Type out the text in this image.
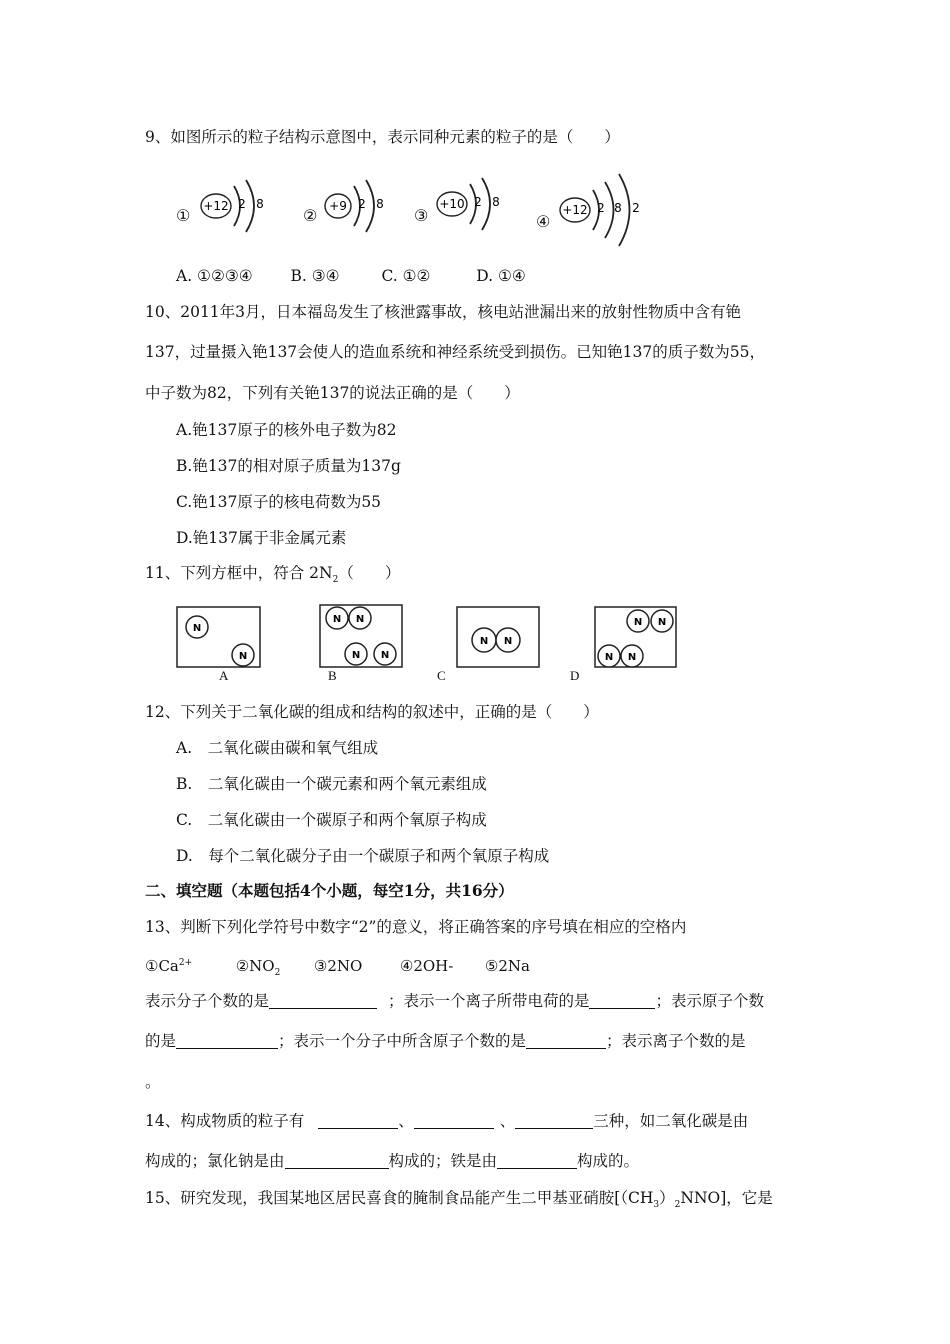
9、如图所示的粒子结构示意图中，表示同种元素的粒子的是（　　）
①	②	③	④
+12 2 8	+9 2 8	+10 2 8
+12 2 8 2
A. ①②③④ B. ③④	C. ①②	D. ①④
10、2011年3月，日本福岛发生了核泄露事故，核电站泄漏出来的放射性物质中含有铯
137，过量摄入铯137会使人的造血系统和神经系统受到损伤。已知铯137的质子数为55，
中子数为82，下列有关铯137的说法正确的是（　　）
A.铯137原子的核外电子数为82
B.铯137的相对原子质量为137g
C.铯137原子的核电荷数为55
D.铯137属于非金属元素
11、下列方框中，符合 $2N_2$（　　）
N
N
N
N N
N N
N N
N N
N N
A	B	C	D
12、下列关于二氧化碳的组成和结构的叙述中，正确的是（　　）
A.　二氧化碳由碳和氧气组成
B.　二氧化碳由一个碳元素和两个氧元素组成
C.　二氧化碳由一个碳原子和两个氧原子构成
D.　每个二氧化碳分子由一个碳原子和两个氧原子构成
二、填空题（本题包括4个小题，每空1分，共16分）
13、判断下列化学符号中数字“2”的意义，将正确答案的序号填在相应的空格内
$①Ca^{2+}$	$②NO_2$ ③2NO	④2OH- ⑤2Na
表示分子个数的是	；表示一个离子所带电荷的是	；表示原子个数
的是	；表示一个分子中所含原子个数的是	；表示离子个数的是
。
14、构成物质的粒子有	、	、	三种，如二氧化碳是由
构成的；氯化钠是由	构成的；铁是由	构成的。
15、研究发现，我国某地区居民喜食的腌制食品能产生二甲基亚硝胺$[(CH_3)_2NNO]$，它是
